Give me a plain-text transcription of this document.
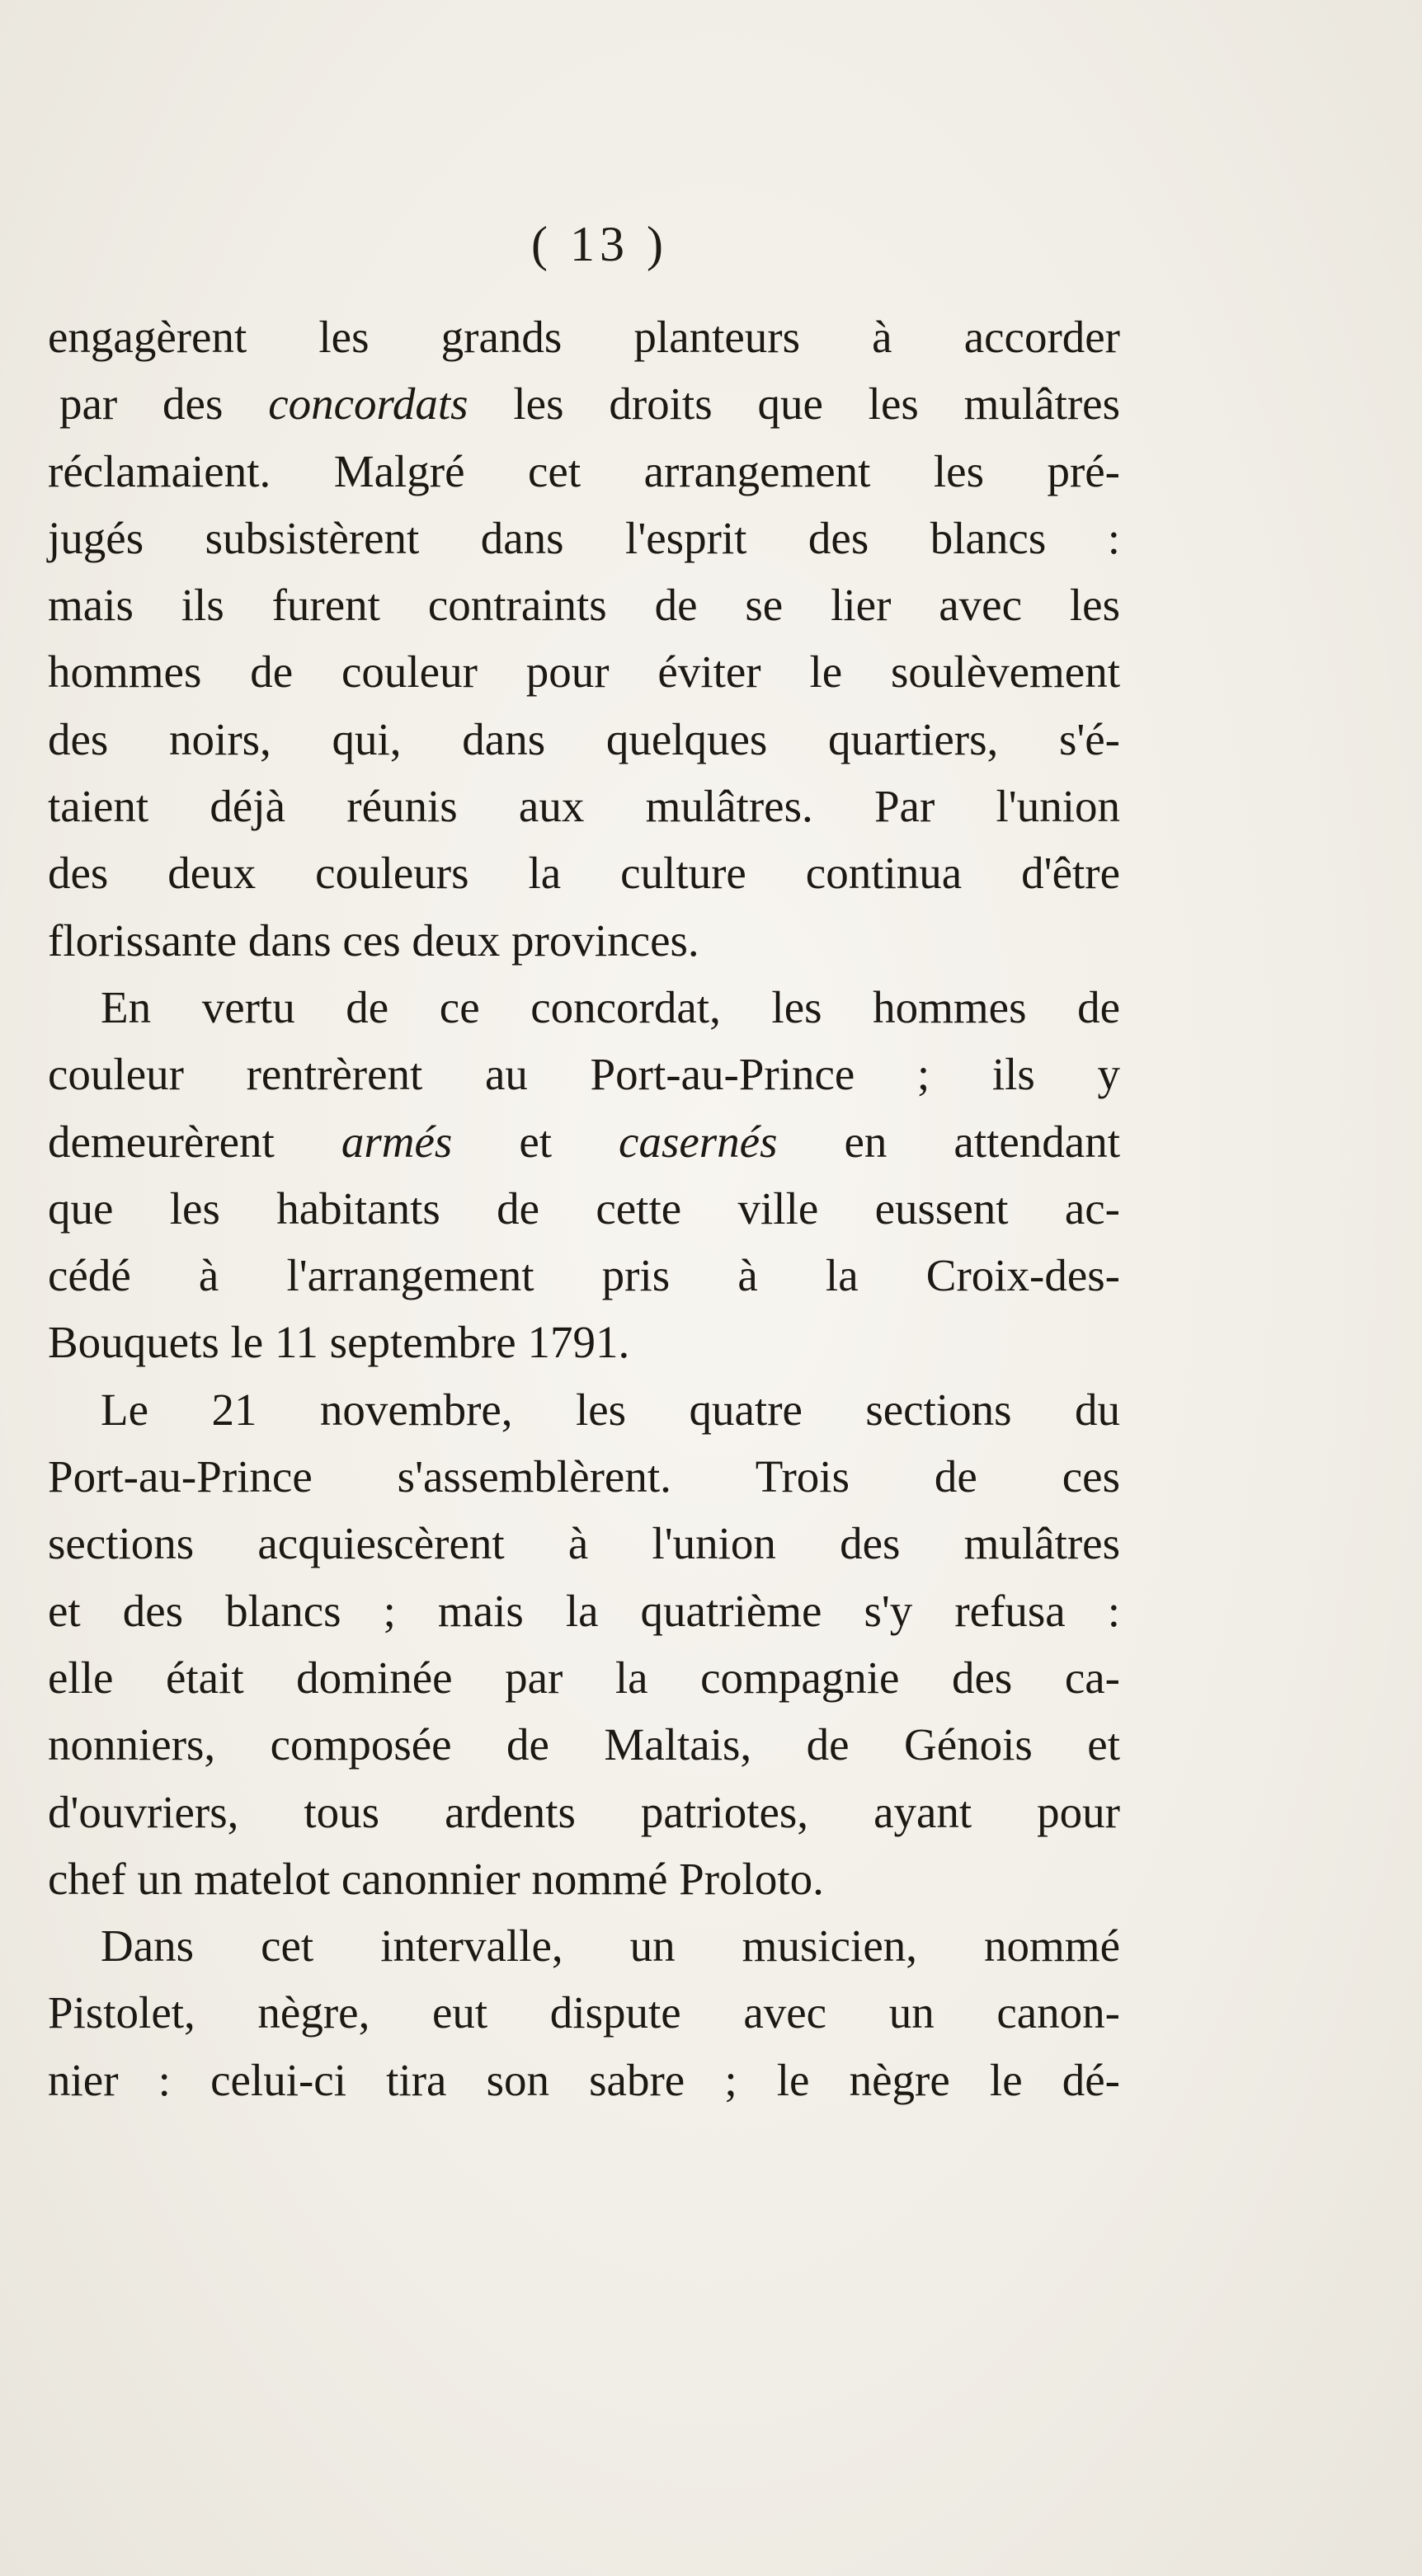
( 13 )
engagèrent les grands planteurs à accorder
par des concordats les droits que les mulâtres
réclamaient. Malgré cet arrangement les pré-
jugés subsistèrent dans l'esprit des blancs :
mais ils furent contraints de se lier avec les
hommes de couleur pour éviter le soulèvement
des noirs, qui, dans quelques quartiers, s'é-
taient déjà réunis aux mulâtres. Par l'union
des deux couleurs la culture continua d'être
florissante dans ces deux provinces.
En vertu de ce concordat, les hommes de
couleur rentrèrent au Port-au-Prince ; ils y
demeurèrent armés et casernés en attendant
que les habitants de cette ville eussent ac-
cédé à l'arrangement pris à la Croix-des-
Bouquets le 11 septembre 1791.
Le 21 novembre, les quatre sections du
Port-au-Prince s'assemblèrent. Trois de ces
sections acquiescèrent à l'union des mulâtres
et des blancs ; mais la quatrième s'y refusa :
elle était dominée par la compagnie des ca-
nonniers, composée de Maltais, de Génois et
d'ouvriers, tous ardents patriotes, ayant pour
chef un matelot canonnier nommé Proloto.
Dans cet intervalle, un musicien, nommé
Pistolet, nègre, eut dispute avec un canon-
nier : celui-ci tira son sabre ; le nègre le dé-
